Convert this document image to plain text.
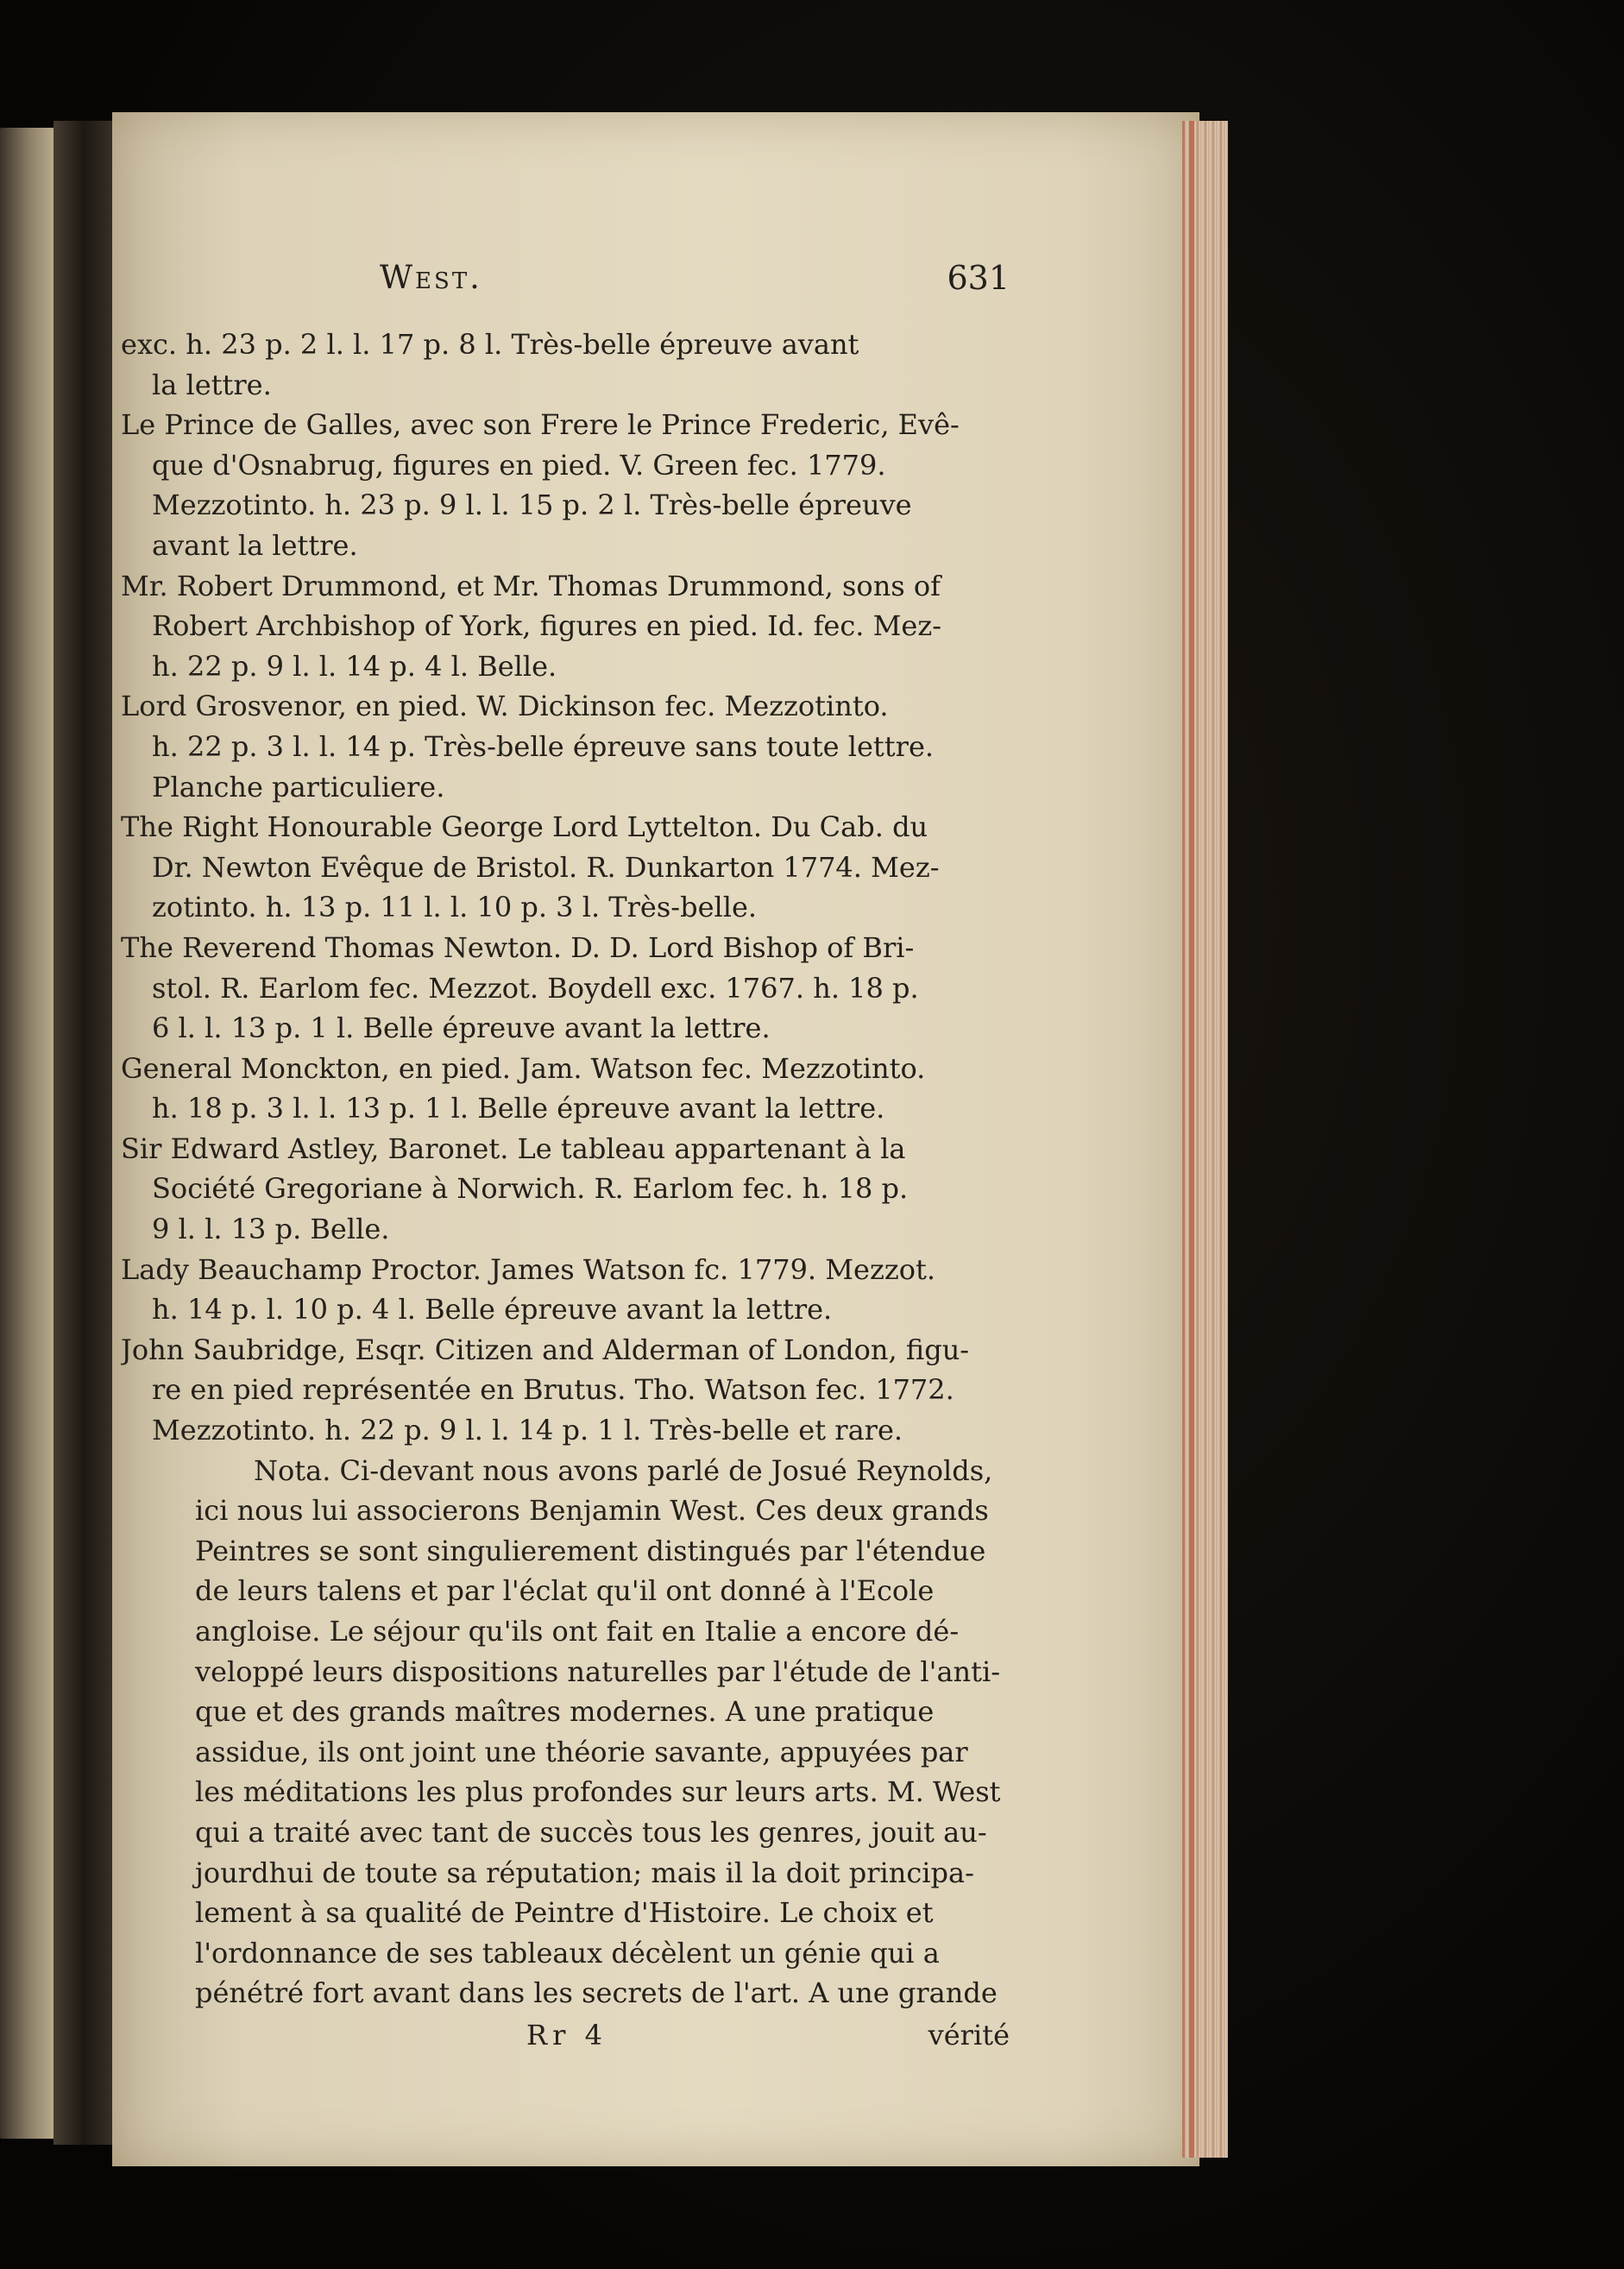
West.	631
exc. h. 23 p. 2 l. l. 17 p. 8 l. Très-belle épreuve avant
la lettre.
Le Prince de Galles, avec son Frere le Prince Frederic, Evê-
que d'Osnabrug, figures en pied. V. Green fec. 1779.
Mezzotinto. h. 23 p. 9 l. l. 15 p. 2 l. Très-belle épreuve
avant la lettre.
Mr. Robert Drummond, et Mr. Thomas Drummond, sons of
Robert Archbishop of York, figures en pied. Id. fec. Mez-
h. 22 p. 9 l. l. 14 p. 4 l. Belle.
Lord Grosvenor, en pied. W. Dickinson fec. Mezzotinto.
h. 22 p. 3 l. l. 14 p. Très-belle épreuve sans toute lettre.
Planche particuliere.
The Right Honourable George Lord Lyttelton. Du Cab. du
Dr. Newton Evêque de Bristol. R. Dunkarton 1774. Mez-
zotinto. h. 13 p. 11 l. l. 10 p. 3 l. Très-belle.
The Reverend Thomas Newton. D. D. Lord Bishop of Bri-
stol. R. Earlom fec. Mezzot. Boydell exc. 1767. h. 18 p.
6 l. l. 13 p. 1 l. Belle épreuve avant la lettre.
General Monckton, en pied. Jam. Watson fec. Mezzotinto.
h. 18 p. 3 l. l. 13 p. 1 l. Belle épreuve avant la lettre.
Sir Edward Astley, Baronet. Le tableau appartenant à la
Société Gregoriane à Norwich. R. Earlom fec. h. 18 p.
9 l. l. 13 p. Belle.
Lady Beauchamp Proctor. James Watson fc. 1779. Mezzot.
h. 14 p. l. 10 p. 4 l. Belle épreuve avant la lettre.
John Saubridge, Esqr. Citizen and Alderman of London, figu-
re en pied représentée en Brutus. Tho. Watson fec. 1772.
Mezzotinto. h. 22 p. 9 l. l. 14 p. 1 l. Très-belle et rare.
Nota. Ci-devant nous avons parlé de Josué Reynolds,
ici nous lui associerons Benjamin West. Ces deux grands
Peintres se sont singulierement distingués par l'étendue
de leurs talens et par l'éclat qu'il ont donné à l'Ecole
angloise. Le séjour qu'ils ont fait en Italie a encore dé-
veloppé leurs dispositions naturelles par l'étude de l'anti-
que et des grands maîtres modernes. A une pratique
assidue, ils ont joint une théorie savante, appuyées par
les méditations les plus profondes sur leurs arts. M. West
qui a traité avec tant de succès tous les genres, jouit au-
jourdhui de toute sa réputation; mais il la doit principa-
lement à sa qualité de Peintre d'Histoire. Le choix et
l'ordonnance de ses tableaux décèlent un génie qui a
pénétré fort avant dans les secrets de l'art. A une grande
Rr 4	vérité
